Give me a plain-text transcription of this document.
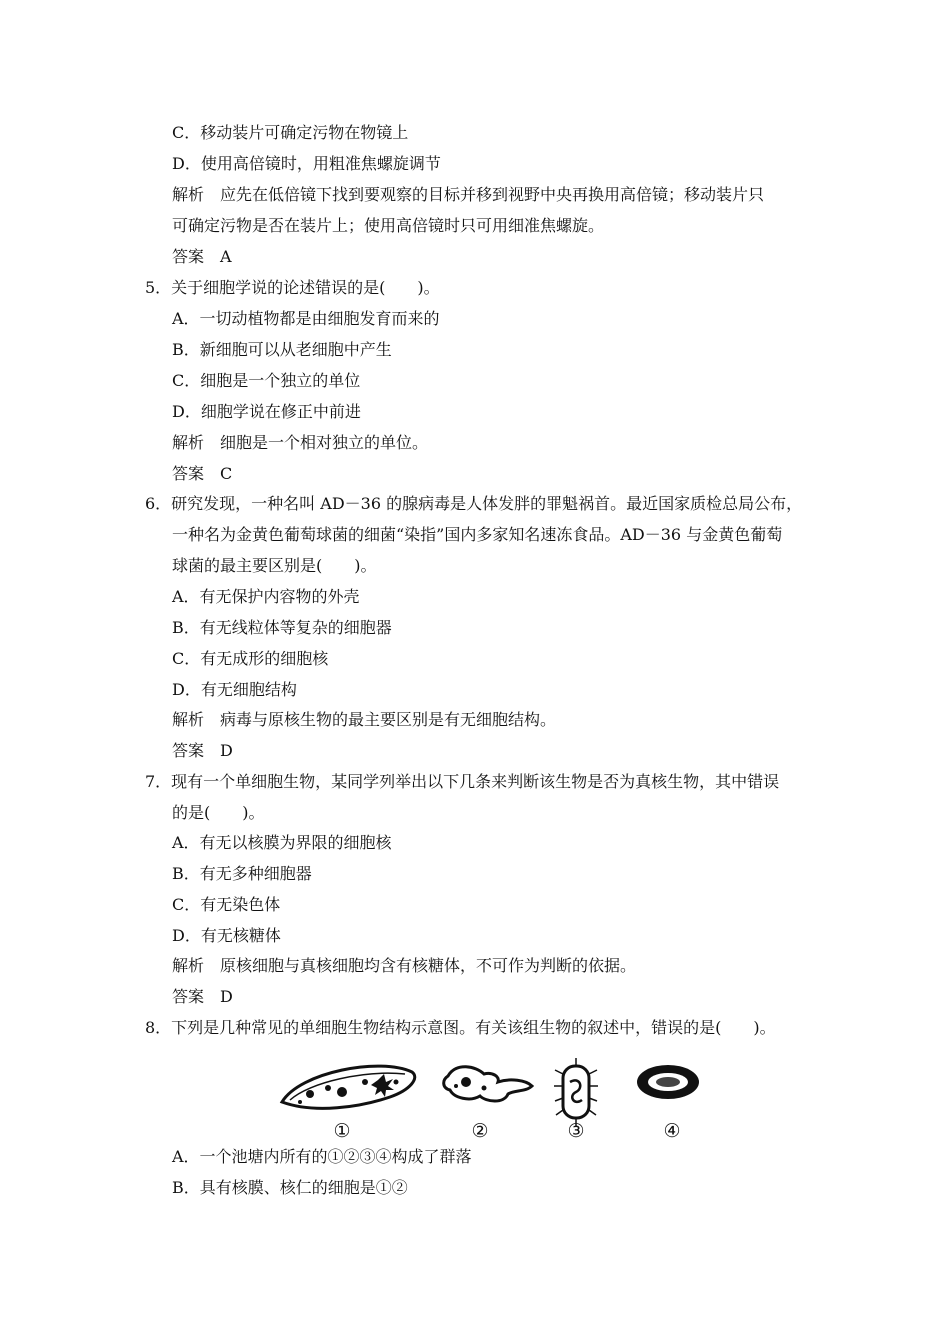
C．移动装片可确定污物在物镜上
D．使用高倍镜时，用粗准焦螺旋调节
解析　应先在低倍镜下找到要观察的目标并移到视野中央再换用高倍镜；移动装片只
可确定污物是否在装片上；使用高倍镜时只可用细准焦螺旋。
答案　A
5．关于细胞学说的论述错误的是(　　)。
A．一切动植物都是由细胞发育而来的
B．新细胞可以从老细胞中产生
C．细胞是一个独立的单位
D．细胞学说在修正中前进
解析　细胞是一个相对独立的单位。
答案　C
6．研究发现，一种名叫 AD－36 的腺病毒是人体发胖的罪魁祸首。最近国家质检总局公布，
一种名为金黄色葡萄球菌的细菌“染指”国内多家知名速冻食品。AD－36 与金黄色葡萄
球菌的最主要区别是(　　)。
A．有无保护内容物的外壳
B．有无线粒体等复杂的细胞器
C．有无成形的细胞核
D．有无细胞结构
解析　病毒与原核生物的最主要区别是有无细胞结构。
答案　D
7．现有一个单细胞生物，某同学列举出以下几条来判断该生物是否为真核生物，其中错误
的是(　　)。
A．有无以核膜为界限的细胞核
B．有无多种细胞器
C．有无染色体
D．有无核糖体
解析　原核细胞与真核细胞均含有核糖体，不可作为判断的依据。
答案　D
8．下列是几种常见的单细胞生物结构示意图。有关该组生物的叙述中，错误的是(　　)。
①	②	③	④
A．一个池塘内所有的①②③④构成了群落
B．具有核膜、核仁的细胞是①②
